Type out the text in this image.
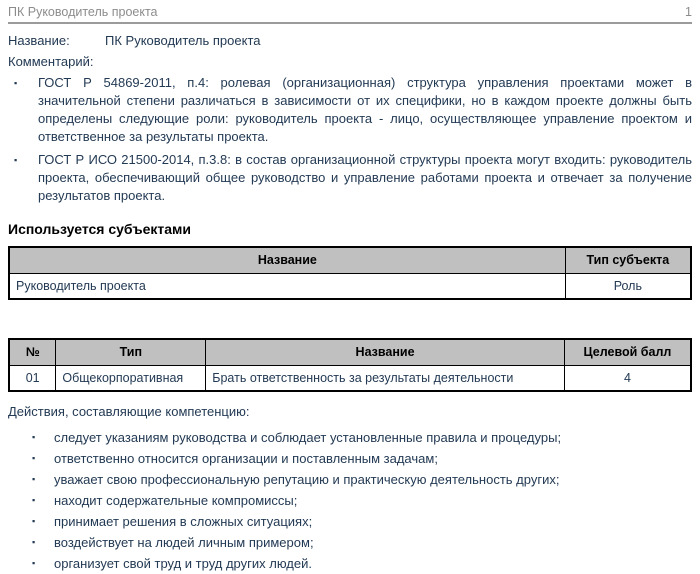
ПК Руководитель проекта	1
Название:	ПК Руководитель проекта
Комментарий:
▪ ГОСТ Р 54869-2011, п.4: ролевая (организационная) структура управления проектами может в значительной степени различаться в зависимости от их специфики, но в каждом проекте должны быть определены следующие роли: руководитель проекта - лицо, осуществляющее управление проектом и ответственное за результаты проекта.
▪ ГОСТ Р ИСО 21500-2014, п.3.8: в состав организационной структуры проекта могут входить: руководитель проекта, обеспечивающий общее руководство и управление работами проекта и отвечает за получение результатов проекта.
Используется субъектами
Название	Тип субъекта
Руководитель проекта	Роль
№	Тип	Название	Целевой балл
01	Общекорпоративная	Брать ответственность за результаты деятельности	4
Действия, составляющие компетенцию:
▪ следует указаниям руководства и соблюдает установленные правила и процедуры;
▪ ответственно относится организации и поставленным задачам;
▪ уважает свою профессиональную репутацию и практическую деятельность других;
▪ находит содержательные компромиссы;
▪ принимает решения в сложных ситуациях;
▪ воздействует на людей личным примером;
▪ организует свой труд и труд других людей.
